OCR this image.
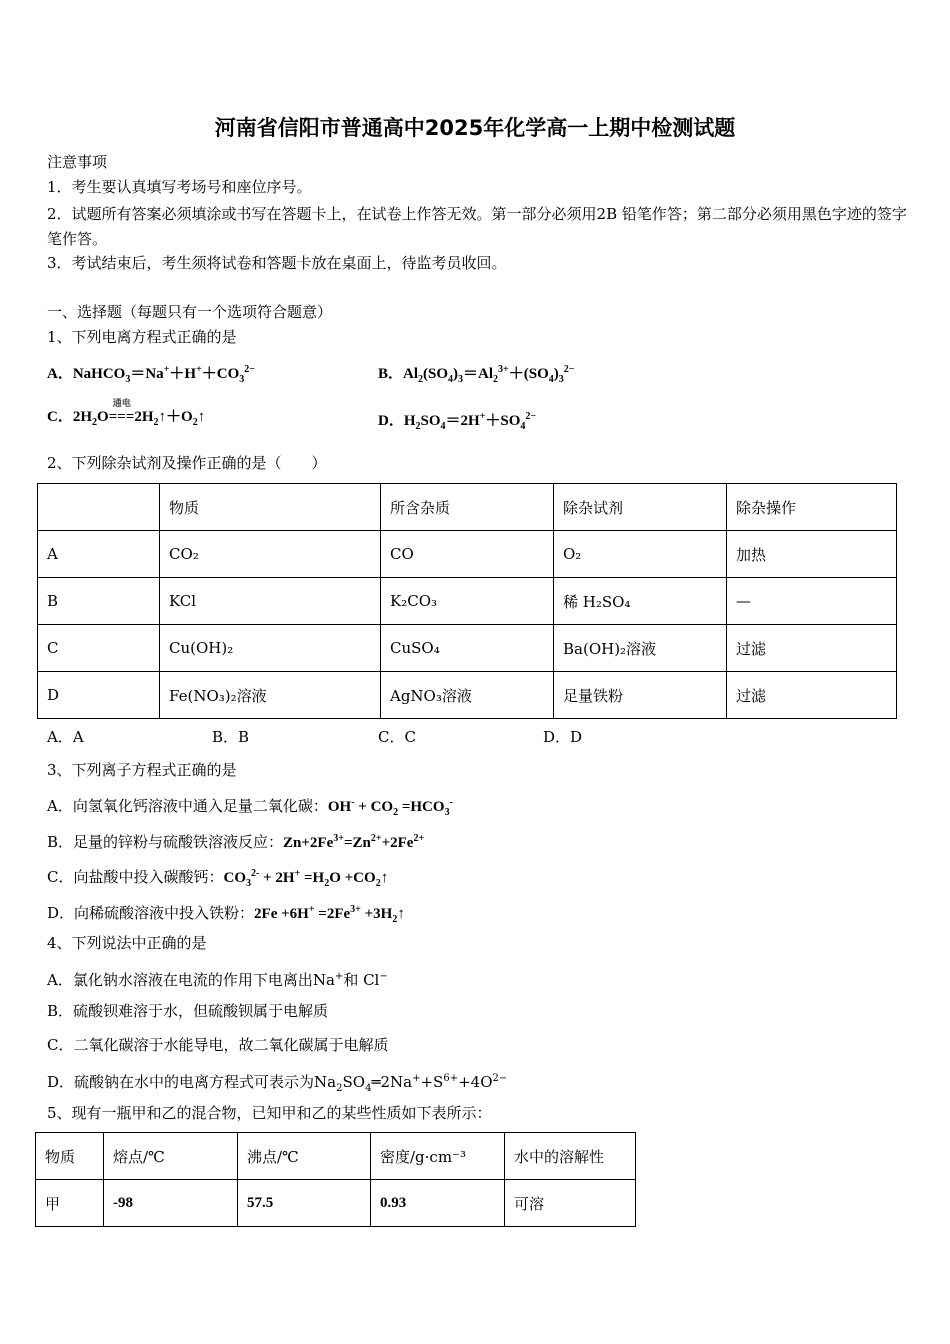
河南省信阳市普通高中2025年化学高一上期中检测试题
注意事项
1．考生要认真填写考场号和座位序号。
2．试题所有答案必须填涂或书写在答题卡上，在试卷上作答无效。第一部分必须用2B 铅笔作答；第二部分必须用黑色字迹的签字笔作答。
3．考试结束后，考生须将试卷和答题卡放在桌面上，待监考员收回。
一、选择题（每题只有一个选项符合题意）
1、下列电离方程式正确的是
A．$NaHCO_3=Na^++H^++CO_3^{2-}$	B．$Al_2(SO_4)_3=Al_2^{3+}+(SO_4)_3^{2-}$
C．$2H_2O$
通电
$===2H_2↑+O_2↑$	D．$H_2SO_4=2H^++SO_4^{2-}$
2、下列除杂试剂及操作正确的是（　　）
	物质	所含杂质	除杂试剂	除杂操作
A	CO₂	CO	O₂	加热
B	KCl	K₂CO₃	稀 H₂SO₄	—
C	Cu(OH)₂	CuSO₄	Ba(OH)₂溶液	过滤
D	Fe(NO₃)₂溶液	AgNO₃溶液	足量铁粉	过滤
A．A	B．B	C．C	D．D
3、下列离子方程式正确的是
A．向氢氧化钙溶液中通入足量二氧化碳：$OH^- + CO_2 =HCO_3^-$
B．足量的锌粉与硫酸铁溶液反应：$Zn+2Fe^{3+}=Zn^{2+}+2Fe^{2+}$
C．向盐酸中投入碳酸钙：$CO_3^{2-} + 2H^+ =H_2O$ $+CO_2↑$
D．向稀硫酸溶液中投入铁粉：$2Fe +6H^+ =2Fe^{3+}$ $+3H_2↑$
4、下列说法中正确的是
A．氯化钠水溶液在电流的作用下电离出Na+和 Cl−
B．硫酸钡难溶于水，但硫酸钡属于电解质
C．二氧化碳溶于水能导电，故二氧化碳属于电解质
D．硫酸钠在水中的电离方程式可表示为$Na_2SO_4═2Na^++S^{6+}+4O^{2-}$
5、现有一瓶甲和乙的混合物，已知甲和乙的某些性质如下表所示：
物质	熔点/℃	沸点/℃	密度/g·cm⁻³	水中的溶解性
甲	-98	57.5	0.93	可溶
